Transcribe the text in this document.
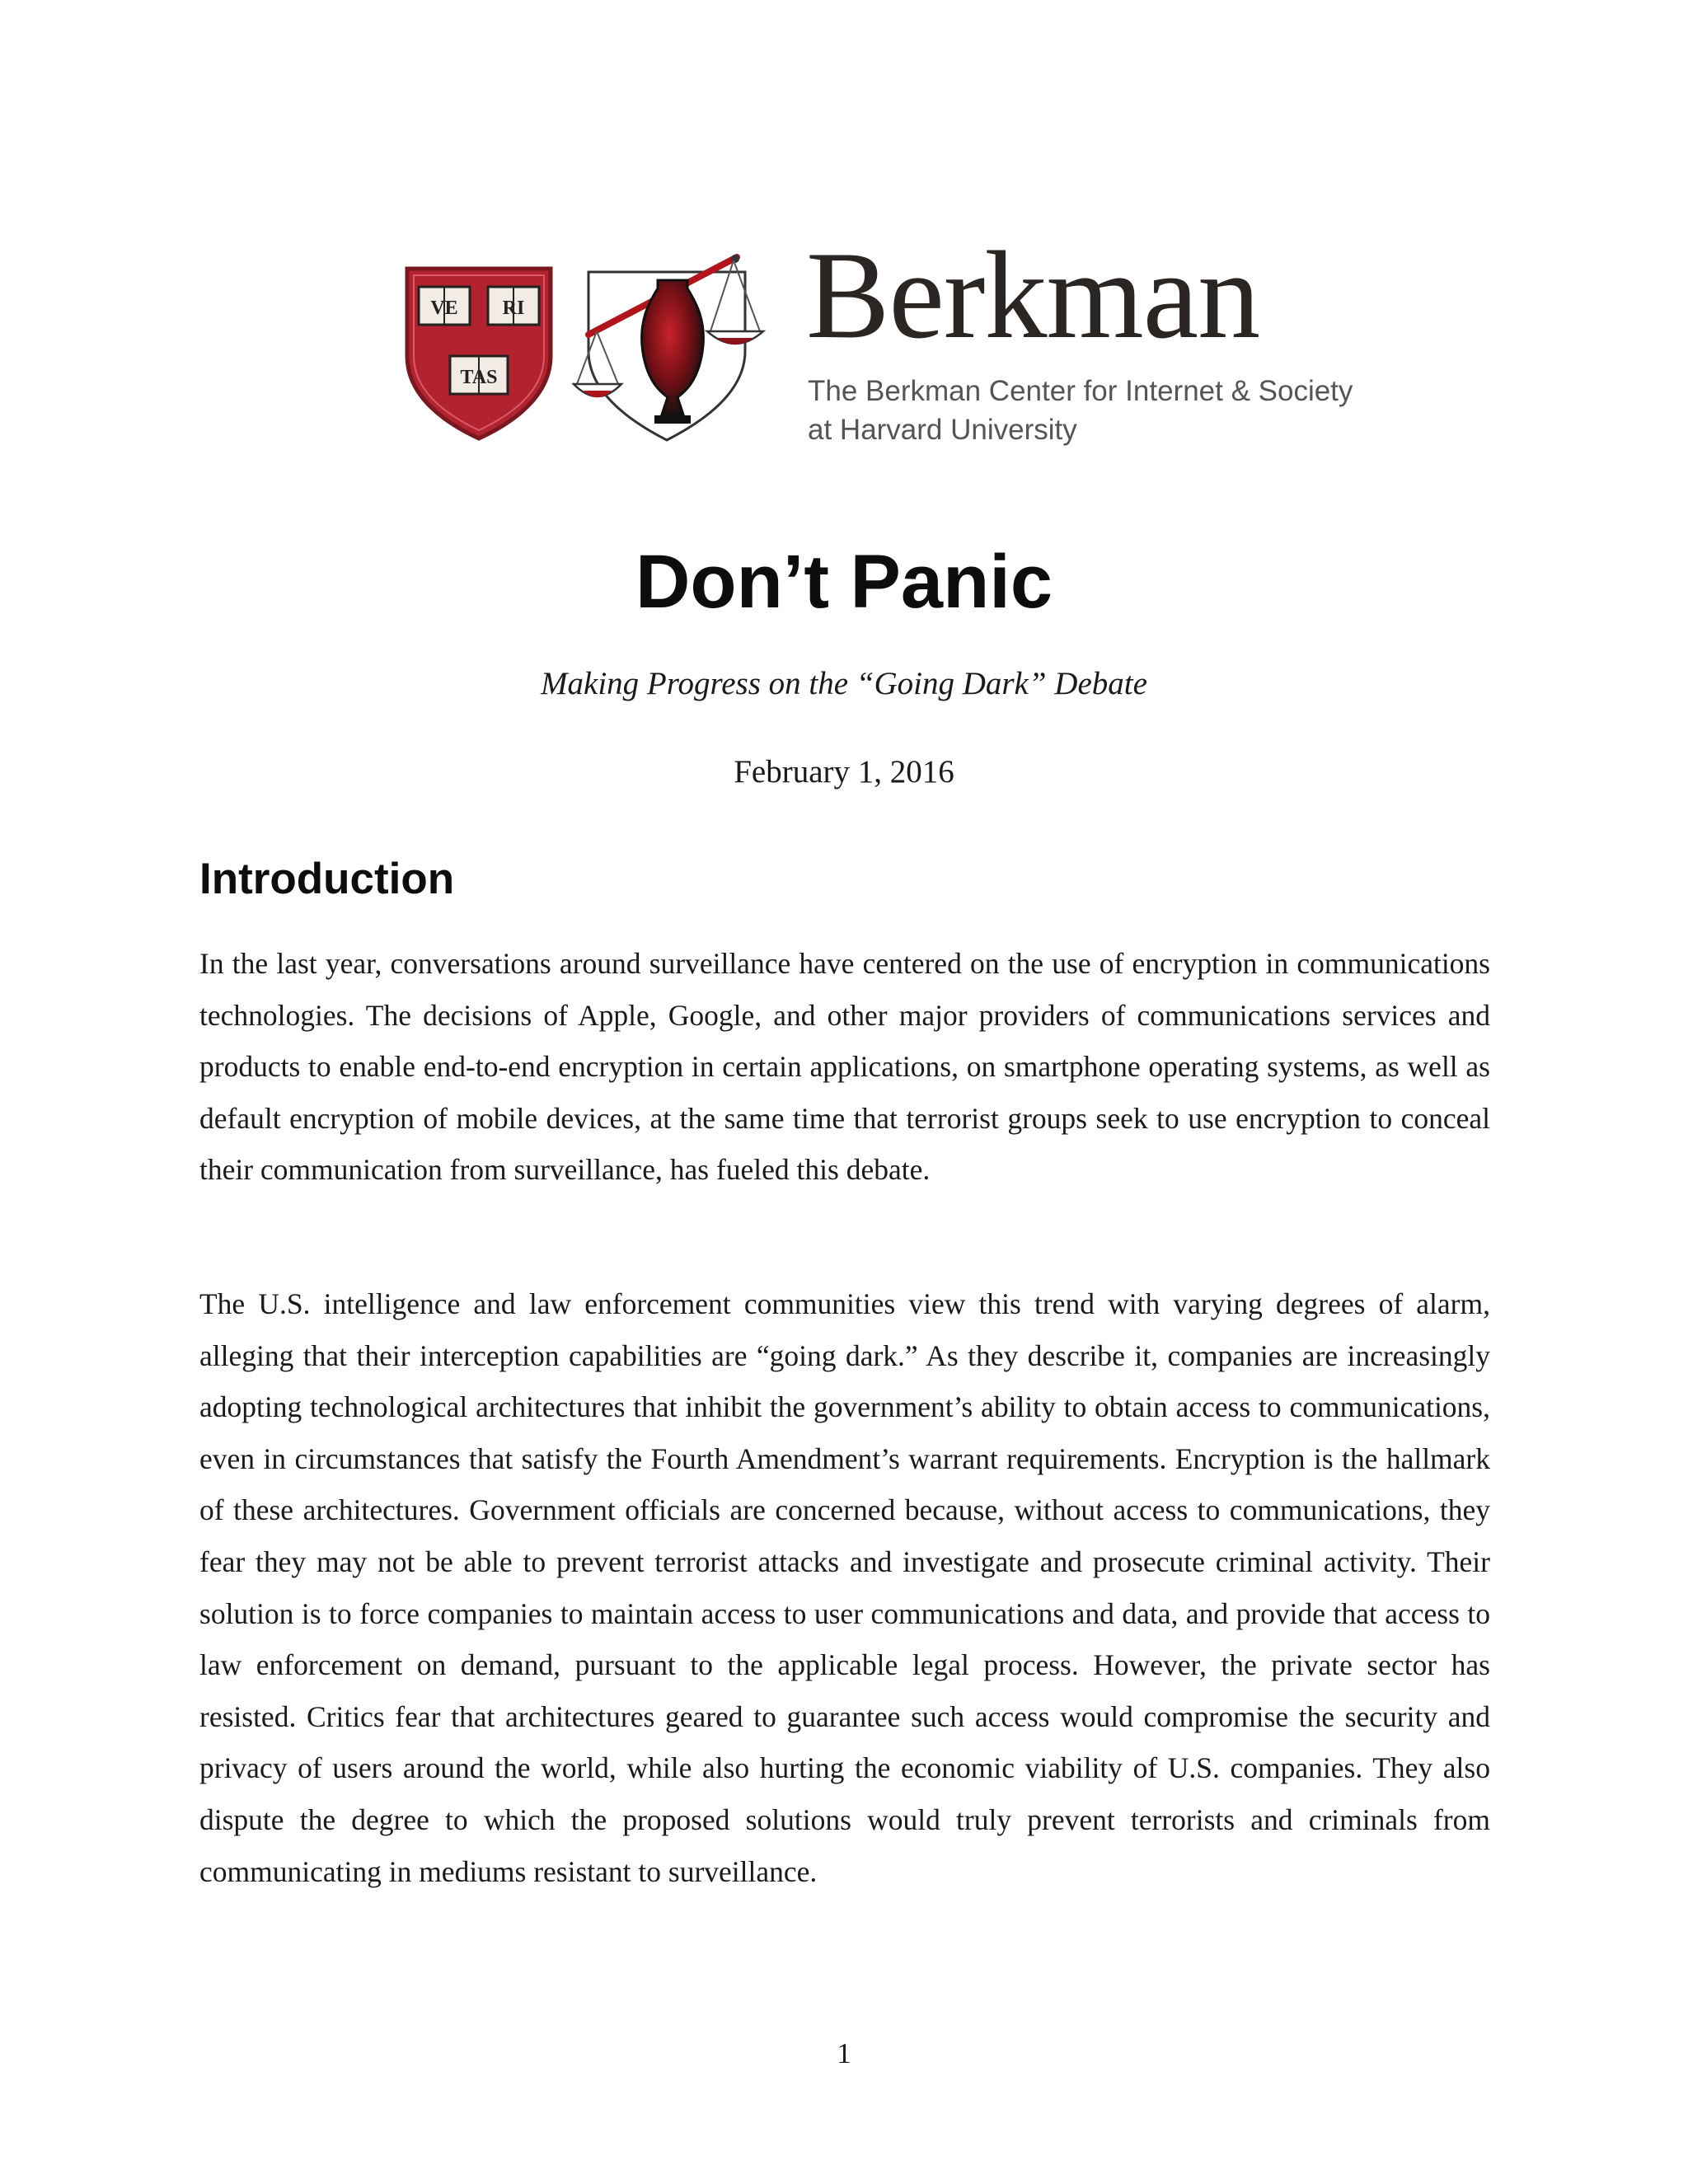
VE RI
TAS
Berkman
The Berkman Center for Internet & Society
at Harvard University
Don’t Panic

Making Progress on the “Going Dark” Debate

February 1, 2016

Introduction

In the last year, conversations around surveillance have centered on the use of encryption in communications technologies. The decisions of Apple, Google, and other major providers of communications services and products to enable end-to-end encryption in certain applications, on smartphone operating systems, as well as default encryption of mobile devices, at the same time that terrorist groups seek to use encryption to conceal their communication from surveillance, has fueled this debate.

The U.S. intelligence and law enforcement communities view this trend with varying degrees of alarm, alleging that their interception capabilities are “going dark.” As they describe it, companies are increasingly adopting technological architectures that inhibit the government’s ability to obtain access to communications, even in circumstances that satisfy the Fourth Amendment’s warrant requirements. Encryption is the hallmark of these architectures. Government officials are concerned because, without access to communications, they fear they may not be able to prevent terrorist attacks and investigate and prosecute criminal activity. Their solution is to force companies to maintain access to user communications and data, and provide that access to law enforcement on demand, pursuant to the applicable legal process. However, the private sector has resisted. Critics fear that architectures geared to guarantee such access would compromise the security and privacy of users around the world, while also hurting the economic viability of U.S. companies. They also dispute the degree to which the proposed solutions would truly prevent terrorists and criminals from communicating in mediums resistant to surveillance.

1
